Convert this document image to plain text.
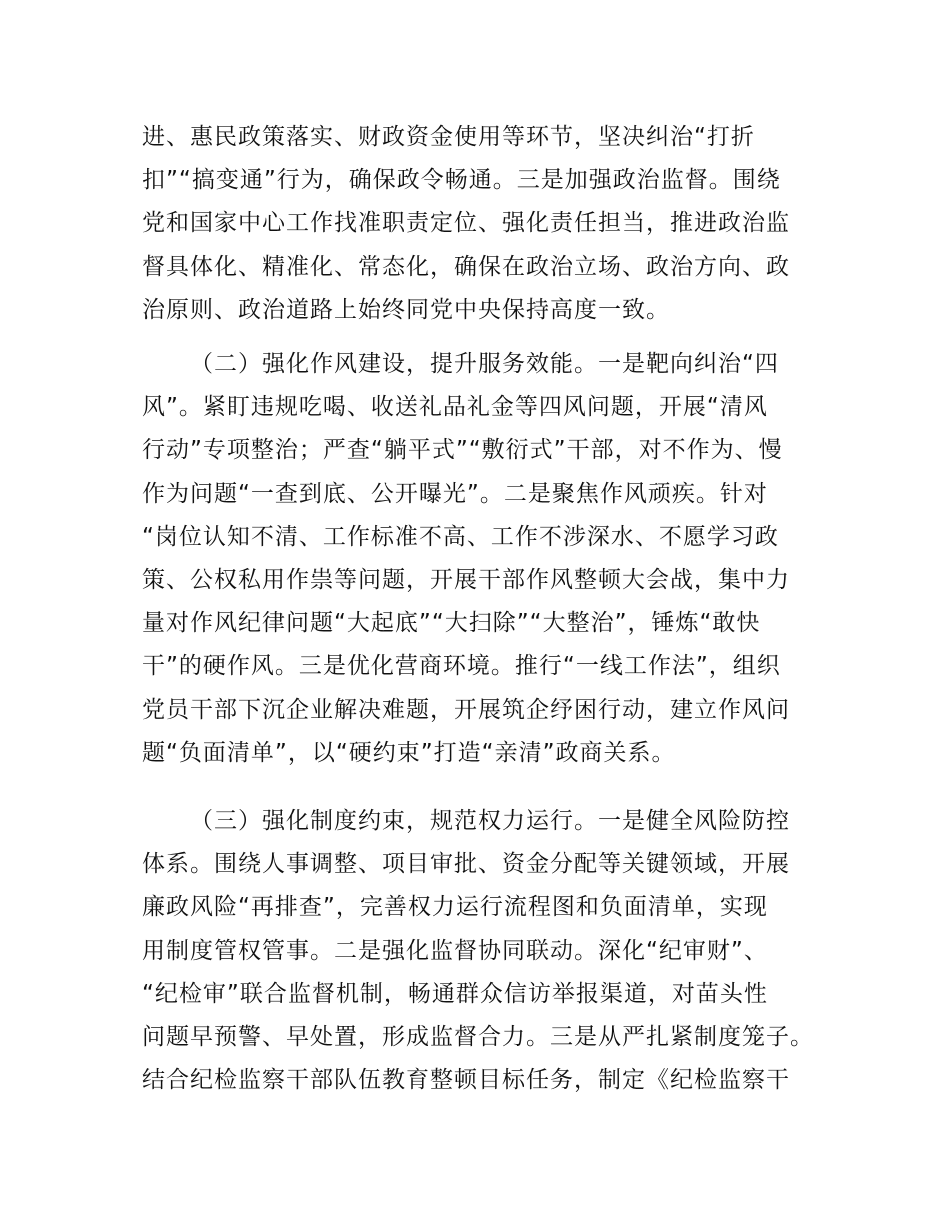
进、惠民政策落实、财政资金使用等环节，坚决纠治“打折
扣”“搞变通”行为，确保政令畅通。三是加强政治监督。围绕
党和国家中心工作找准职责定位、强化责任担当，推进政治监
督具体化、精准化、常态化，确保在政治立场、政治方向、政
治原则、政治道路上始终同党中央保持高度一致。
（二）强化作风建设，提升服务效能。一是靶向纠治“四
风”。紧盯违规吃喝、收送礼品礼金等四风问题，开展“清风
行动”专项整治；严查“躺平式”“敷衍式”干部，对不作为、慢
作为问题“一查到底、公开曝光”。二是聚焦作风顽疾。针对
“岗位认知不清、工作标准不高、工作不涉深水、不愿学习政
策、公权私用作祟等问题，开展干部作风整顿大会战，集中力
量对作风纪律问题“大起底”“大扫除”“大整治”，锤炼“敢快
干”的硬作风。三是优化营商环境。推行“一线工作法”，组织
党员干部下沉企业解决难题，开展筑企纾困行动，建立作风问
题“负面清单”，以“硬约束”打造“亲清”政商关系。
（三）强化制度约束，规范权力运行。一是健全风险防控
体系。围绕人事调整、项目审批、资金分配等关键领域，开展
廉政风险“再排查”，完善权力运行流程图和负面清单，实现
用制度管权管事。二是强化监督协同联动。深化“纪审财”、
“纪检审”联合监督机制，畅通群众信访举报渠道，对苗头性
问题早预警、早处置，形成监督合力。三是从严扎紧制度笼子。
结合纪检监察干部队伍教育整顿目标任务，制定《纪检监察干
